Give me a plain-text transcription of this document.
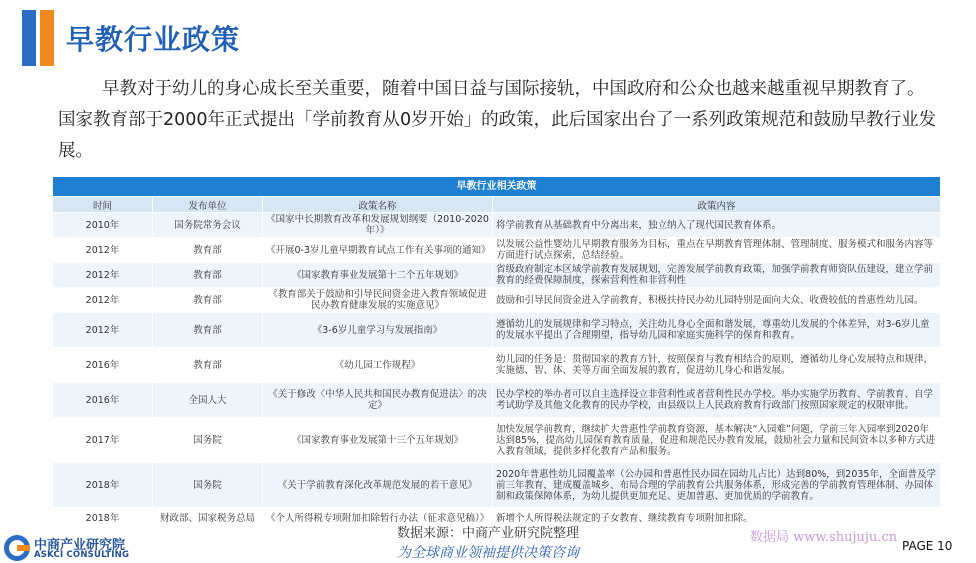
早教行业政策

早教对于幼儿的身心成长至关重要，随着中国日益与国际接轨，中国政府和公众也越来越重视早期教育了。国家教育部于2000年正式提出「学前教育从0岁开始」的政策，此后国家出台了一系列政策规范和鼓励早教行业发展。

早教行业相关政策			
时间	发布单位	政策名称	政策内容
2010年	国务院常务会议	《国家中长期教育改革和发展规划纲要（2010-2020年）》	将学前教育从基础教育中分离出来，独立纳入了现代国民教育体系。
2012年	教育部	《开展0-3岁儿童早期教育试点工作有关事项的通知》	以发展公益性婴幼儿早期教育服务为目标，重点在早期教育管理体制、管理制度、服务模式和服务内容等方面进行试点探索，总结经验。
2012年	教育部	《国家教育事业发展第十二个五年规划》	省级政府制定本区域学前教育发展规划，完善发展学前教育政策，加强学前教育师资队伍建设，建立学前教育的经费保障制度，探索营利性和非营利性
2012年	教育部	《教育部关于鼓励和引导民间资金进入教育领域促进民办教育健康发展的实施意见》	鼓励和引导民间资金进入学前教育，积极扶持民办幼儿园特别是面向大众、收费较低的普惠性幼儿园。
2012年	教育部	《3-6岁儿童学习与发展指南》	遵循幼儿的发展规律和学习特点，关注幼儿身心全面和谐发展，尊重幼儿发展的个体差异，对3-6岁儿童的发展水平提出了合理期望，指导幼儿园和家庭实施科学的保育和教育。
2016年	教育部	《幼儿园工作规程》	幼儿园的任务是：贯彻国家的教育方针，按照保育与教育相结合的原则，遵循幼儿身心发展特点和规律，实施德、智、体、美等方面全面发展的教育，促进幼儿身心和谐发展。
2016年	全国人大	《关于修改〈中华人民共和国民办教育促进法〉的决定》	民办学校的举办者可以自主选择设立非营利性或者营利性民办学校。举办实施学历教育、学前教育、自学考试助学及其他文化教育的民办学校，由县级以上人民政府教育行政部门按照国家规定的权限审批。
2017年	国务院	《国家教育事业发展第十三个五年规划》	加快发展学前教育，继续扩大普惠性学前教育资源，基本解决“入园难”问题，学前三年入园率到2020年达到85%，提高幼儿园保育教育质量，促进和规范民办教育发展，鼓励社会力量和民间资本以多种方式进入教育领域，提供多样化教育产品和服务。
2018年	国务院	《关于学前教育深化改革规范发展的若干意见》	2020年普惠性幼儿园覆盖率（公办园和普惠性民办园在园幼儿占比）达到80%，到2035年，全面普及学前三年教育，建成覆盖城乡、布局合理的学前教育公共服务体系，形成完善的学前教育管理体制、办园体制和政策保障体系，为幼儿提供更加充足、更加普惠、更加优质的学前教育。
2018年	财政部、国家税务总局	《个人所得税专项附加扣除暂行办法（征求意见稿）》	新增个人所得税法规定的子女教育、继续教育专项附加扣除。
数据来源：中商产业研究院整理
为全球商业领袖提供决策咨询
中商产业研究院
ASKCI CONSULTING
数据局 www.shujuju.cn
PAGE 10
